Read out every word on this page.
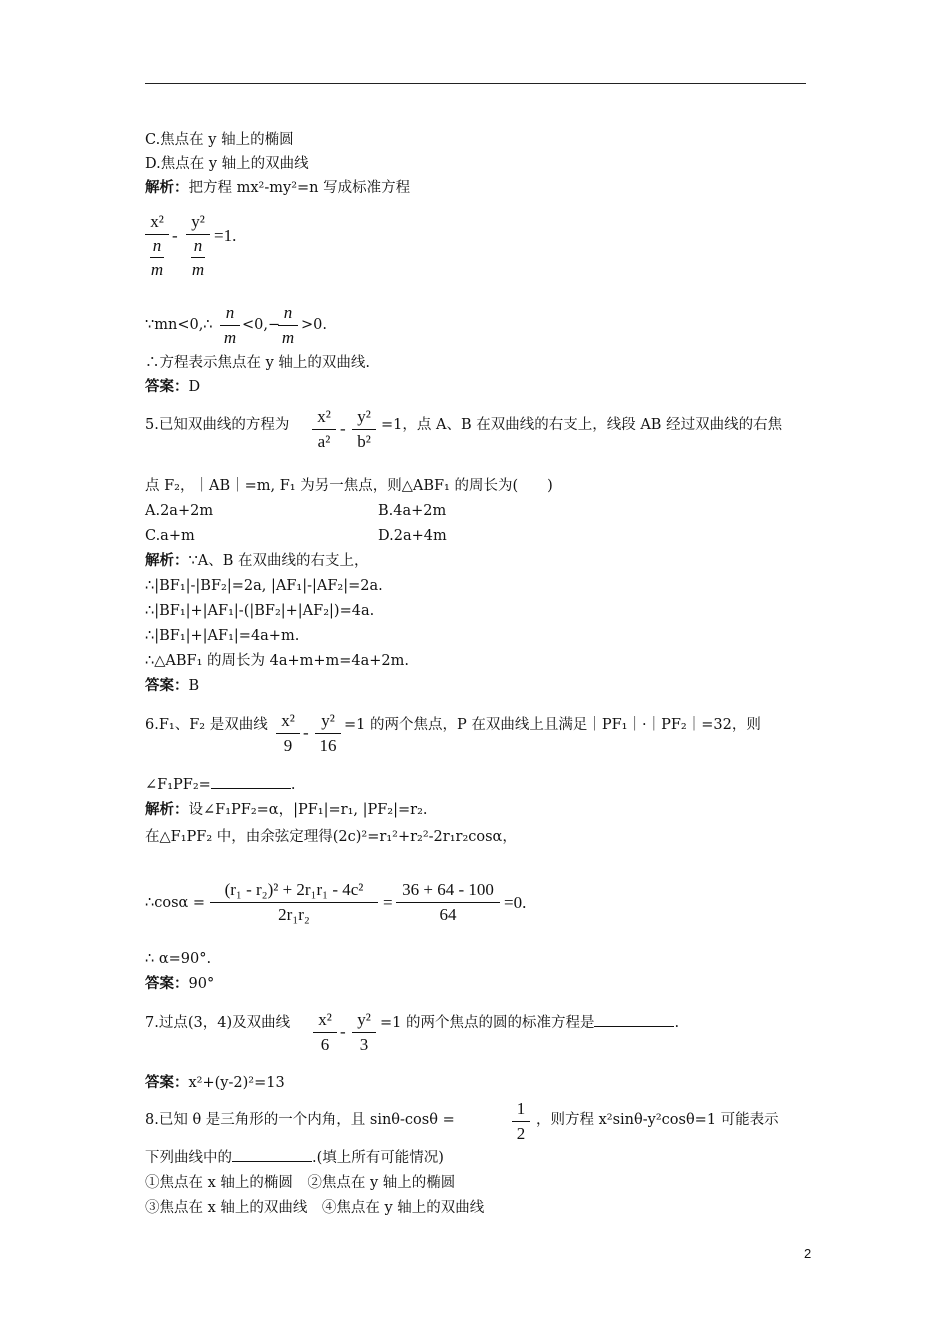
C.焦点在 y 轴上的椭圆
D.焦点在 y 轴上的双曲线
解析：把方程 mx²-my²=n 写成标准方程
x²
n
m
-
y²
n
m
=1.
∵mn<0,∴
n
m
<0,−
n
m
>0.
∴方程表示焦点在 y 轴上的双曲线.
答案：D
5.已知双曲线的方程为	x²
a²
-
y²
b²
=1，点 A、B 在双曲线的右支上，线段 AB 经过双曲线的右焦
点 F₂，｜AB｜=m, F₁ 为另一焦点，则△ABF₁ 的周长为(　　)
A.2a+2m	B.4a+2m
C.a+m	D.2a+4m
解析：∵A、B 在双曲线的右支上，
∴|BF₁|-|BF₂|=2a, |AF₁|-|AF₂|=2a.
∴|BF₁|+|AF₁|-(|BF₂|+|AF₂|)=4a.
∴|BF₁|+|AF₁|=4a+m.
∴△ABF₁ 的周长为 4a+m+m=4a+2m.
答案：B
6.F₁、F₂ 是双曲线 x²
9
-
y²
16
=1 的两个焦点，P 在双曲线上且满足｜PF₁｜·｜PF₂｜=32，则
∠F₁PF₂=	.
解析：设∠F₁PF₂=α，|PF₁|=r₁, |PF₂|=r₂.
在△F₁PF₂ 中，由余弦定理得(2c)²=r₁²+r₂²-2r₁r₂cosα，
∴cosα =
(r₁ - r₂)² + 2r₁r₁ - 4c²
2r₁r₂
=
36 + 64 - 100
64
=0.
∴ α=90°.
答案：90°
7.过点(3，4)及双曲线	x²
6
-
y²
3
=1 的两个焦点的圆的标准方程是	.
答案：x²+(y-2)²=13
8.已知 θ 是三角形的一个内角，且 sinθ-cosθ =
1
2
，则方程 x²sinθ-y²cosθ=1 可能表示
下列曲线中的	.(填上所有可能情况)
①焦点在 x 轴上的椭圆　②焦点在 y 轴上的椭圆
③焦点在 x 轴上的双曲线　④焦点在 y 轴上的双曲线
2
